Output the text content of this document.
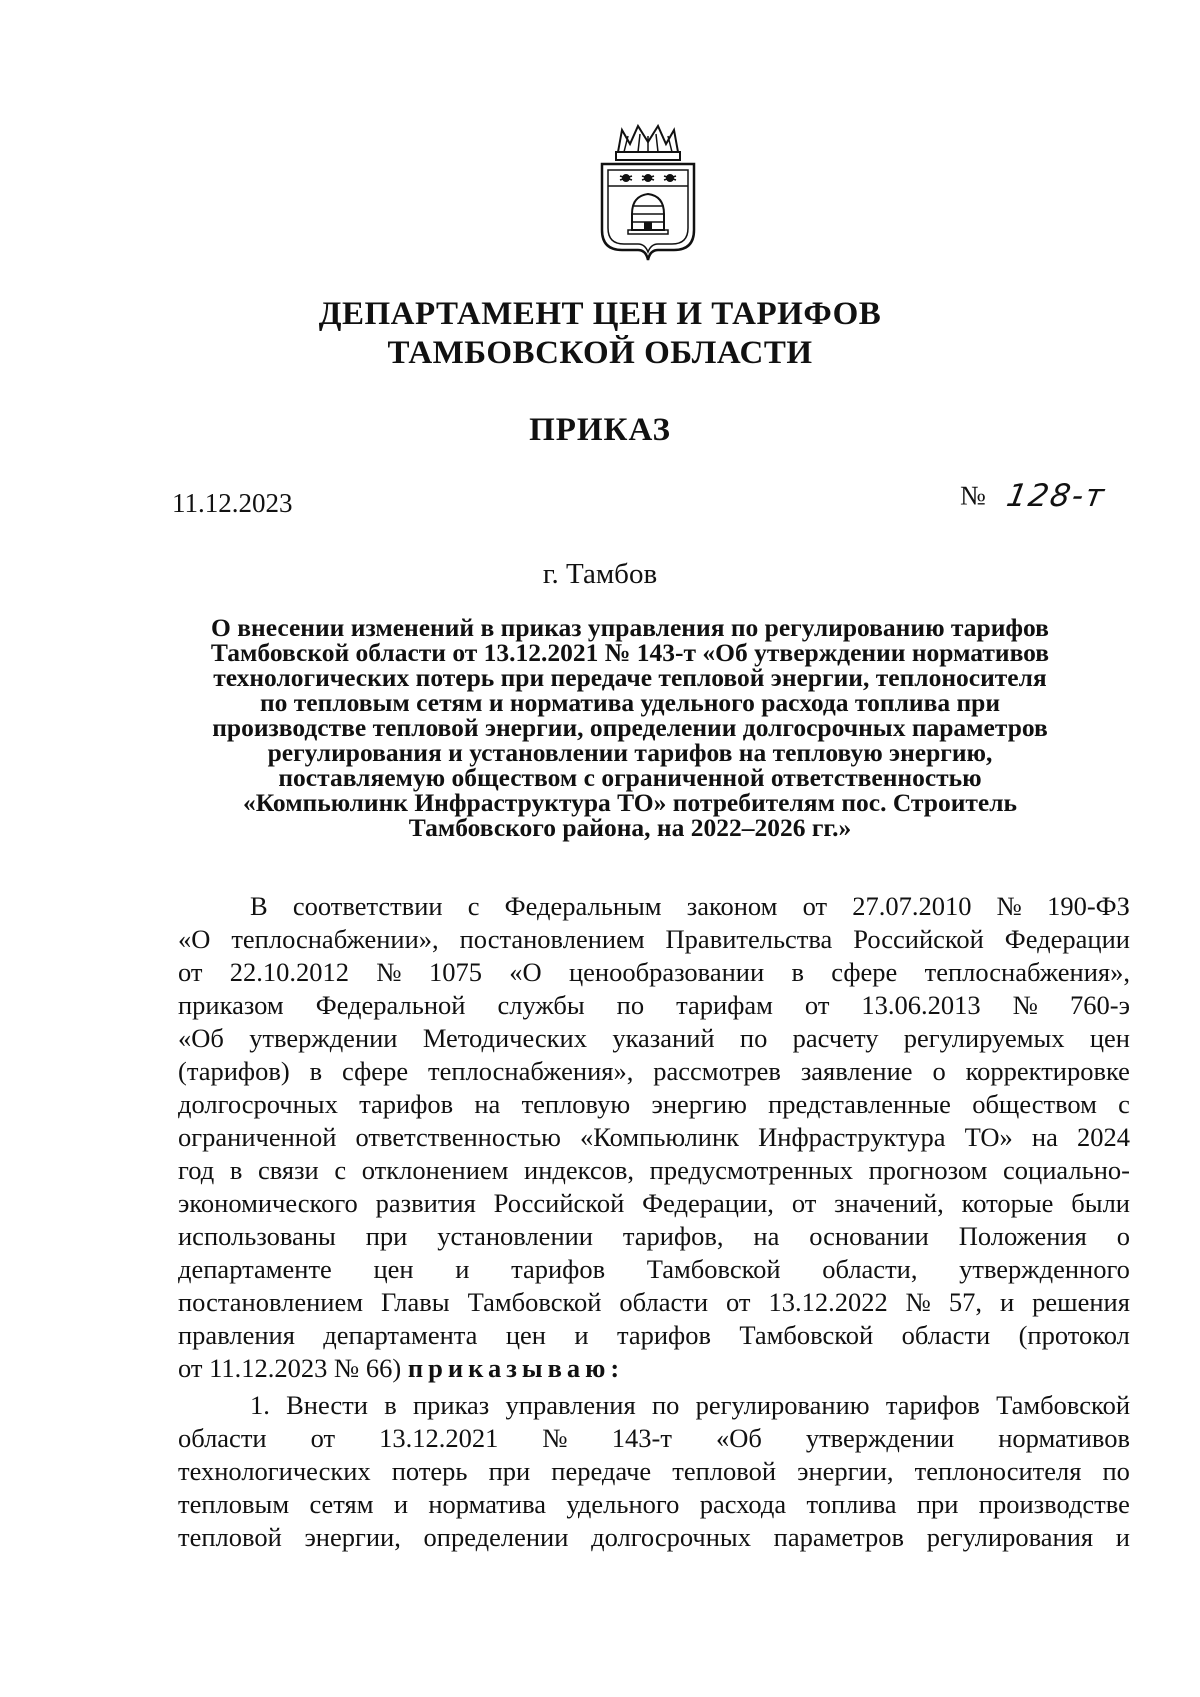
ДЕПАРТАМЕНТ ЦЕН И ТАРИФОВ
ТАМБОВСКОЙ ОБЛАСТИ
ПРИКАЗ
11.12.2023	№ 128-т
г. Тамбов
О внесении изменений в приказ управления по регулированию тарифов
Тамбовской области от 13.12.2021 № 143-т «Об утверждении нормативов
технологических потерь при передаче тепловой энергии, теплоносителя
по тепловым сетям и норматива удельного расхода топлива при
производстве тепловой энергии, определении долгосрочных параметров
регулирования и установлении тарифов на тепловую энергию,
поставляемую обществом с ограниченной ответственностью
«Компьюлинк Инфраструктура ТО» потребителям пос. Строитель
Тамбовского района, на 2022–2026 гг.»
В соответствии с Федеральным законом от 27.07.2010 № 190-ФЗ
«О теплоснабжении», постановлением Правительства Российской Федерации
от 22.10.2012 № 1075 «О ценообразовании в сфере теплоснабжения»,
приказом Федеральной службы по тарифам от 13.06.2013 № 760-э
«Об утверждении Методических указаний по расчету регулируемых цен
(тарифов) в сфере теплоснабжения», рассмотрев заявление о корректировке
долгосрочных тарифов на тепловую энергию представленные обществом с
ограниченной ответственностью «Компьюлинк Инфраструктура ТО» на 2024
год в связи с отклонением индексов, предусмотренных прогнозом социально-
экономического развития Российской Федерации, от значений, которые были
использованы при установлении тарифов, на основании Положения о
департаменте цен и тарифов Тамбовской области, утвержденного
постановлением Главы Тамбовской области от 13.12.2022 № 57, и решения
правления департамента цен и тарифов Тамбовской области (протокол
от 11.12.2023 № 66)
приказываю:
1. Внести в приказ управления по регулированию тарифов Тамбовской
области от 13.12.2021 № 143-т «Об утверждении нормативов
технологических потерь при передаче тепловой энергии, теплоносителя по
тепловым сетям и норматива удельного расхода топлива при производстве
тепловой энергии, определении долгосрочных параметров регулирования и
